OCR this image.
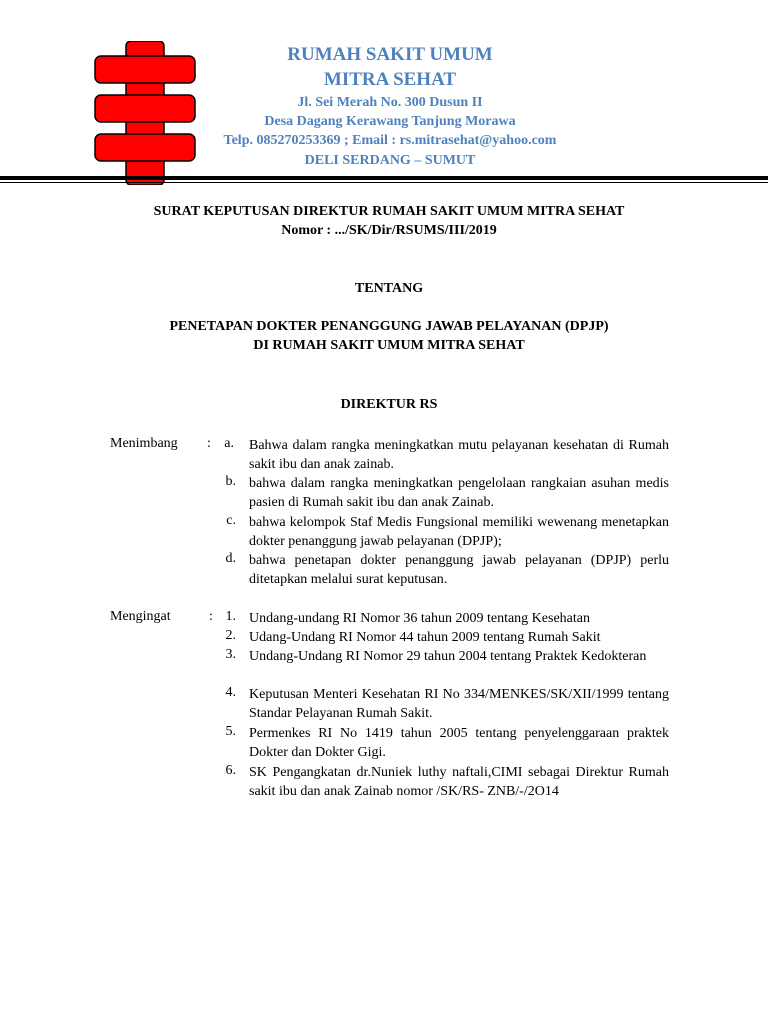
RUMAH SAKIT UMUM
MITRA SEHAT
Jl. Sei Merah No. 300 Dusun II
Desa Dagang Kerawang Tanjung Morawa
Telp. 085270253369 ; Email : rs.mitrasehat@yahoo.com
DELI SERDANG – SUMUT
SURAT KEPUTUSAN DIREKTUR RUMAH SAKIT UMUM MITRA SEHAT
Nomor : .../SK/Dir/RSUMS/III/2019
TENTANG
PENETAPAN DOKTER PENANGGUNG JAWAB PELAYANAN (DPJP)
DI RUMAH SAKIT UMUM MITRA SEHAT
DIREKTUR RS
Menimbang : a. Bahwa dalam rangka meningkatkan mutu pelayanan kesehatan di Rumah sakit ibu dan anak zainab.
b. bahwa dalam rangka meningkatkan pengelolaan rangkaian asuhan medis pasien di Rumah sakit ibu dan anak Zainab.
c. bahwa kelompok Staf Medis Fungsional memiliki wewenang menetapkan dokter penanggung jawab pelayanan (DPJP);
d. bahwa penetapan dokter penanggung jawab pelayanan (DPJP) perlu ditetapkan melalui surat keputusan.
Mengingat	: 1. Undang-undang RI Nomor 36 tahun 2009 tentang Kesehatan
2. Udang-Undang RI Nomor 44 tahun 2009 tentang Rumah Sakit
3. Undang-Undang RI Nomor 29 tahun 2004 tentang Praktek Kedokteran
4. Keputusan Menteri Kesehatan RI No 334/MENKES/SK/XII/1999 tentang Standar Pelayanan Rumah Sakit.
5. Permenkes RI No 1419 tahun 2005 tentang penyelenggaraan praktek Dokter dan Dokter Gigi.
6. SK Pengangkatan dr.Nuniek luthy naftali,CIMI sebagai Direktur Rumah sakit ibu dan anak Zainab nomor /SK/RS- ZNB/-/2O14
